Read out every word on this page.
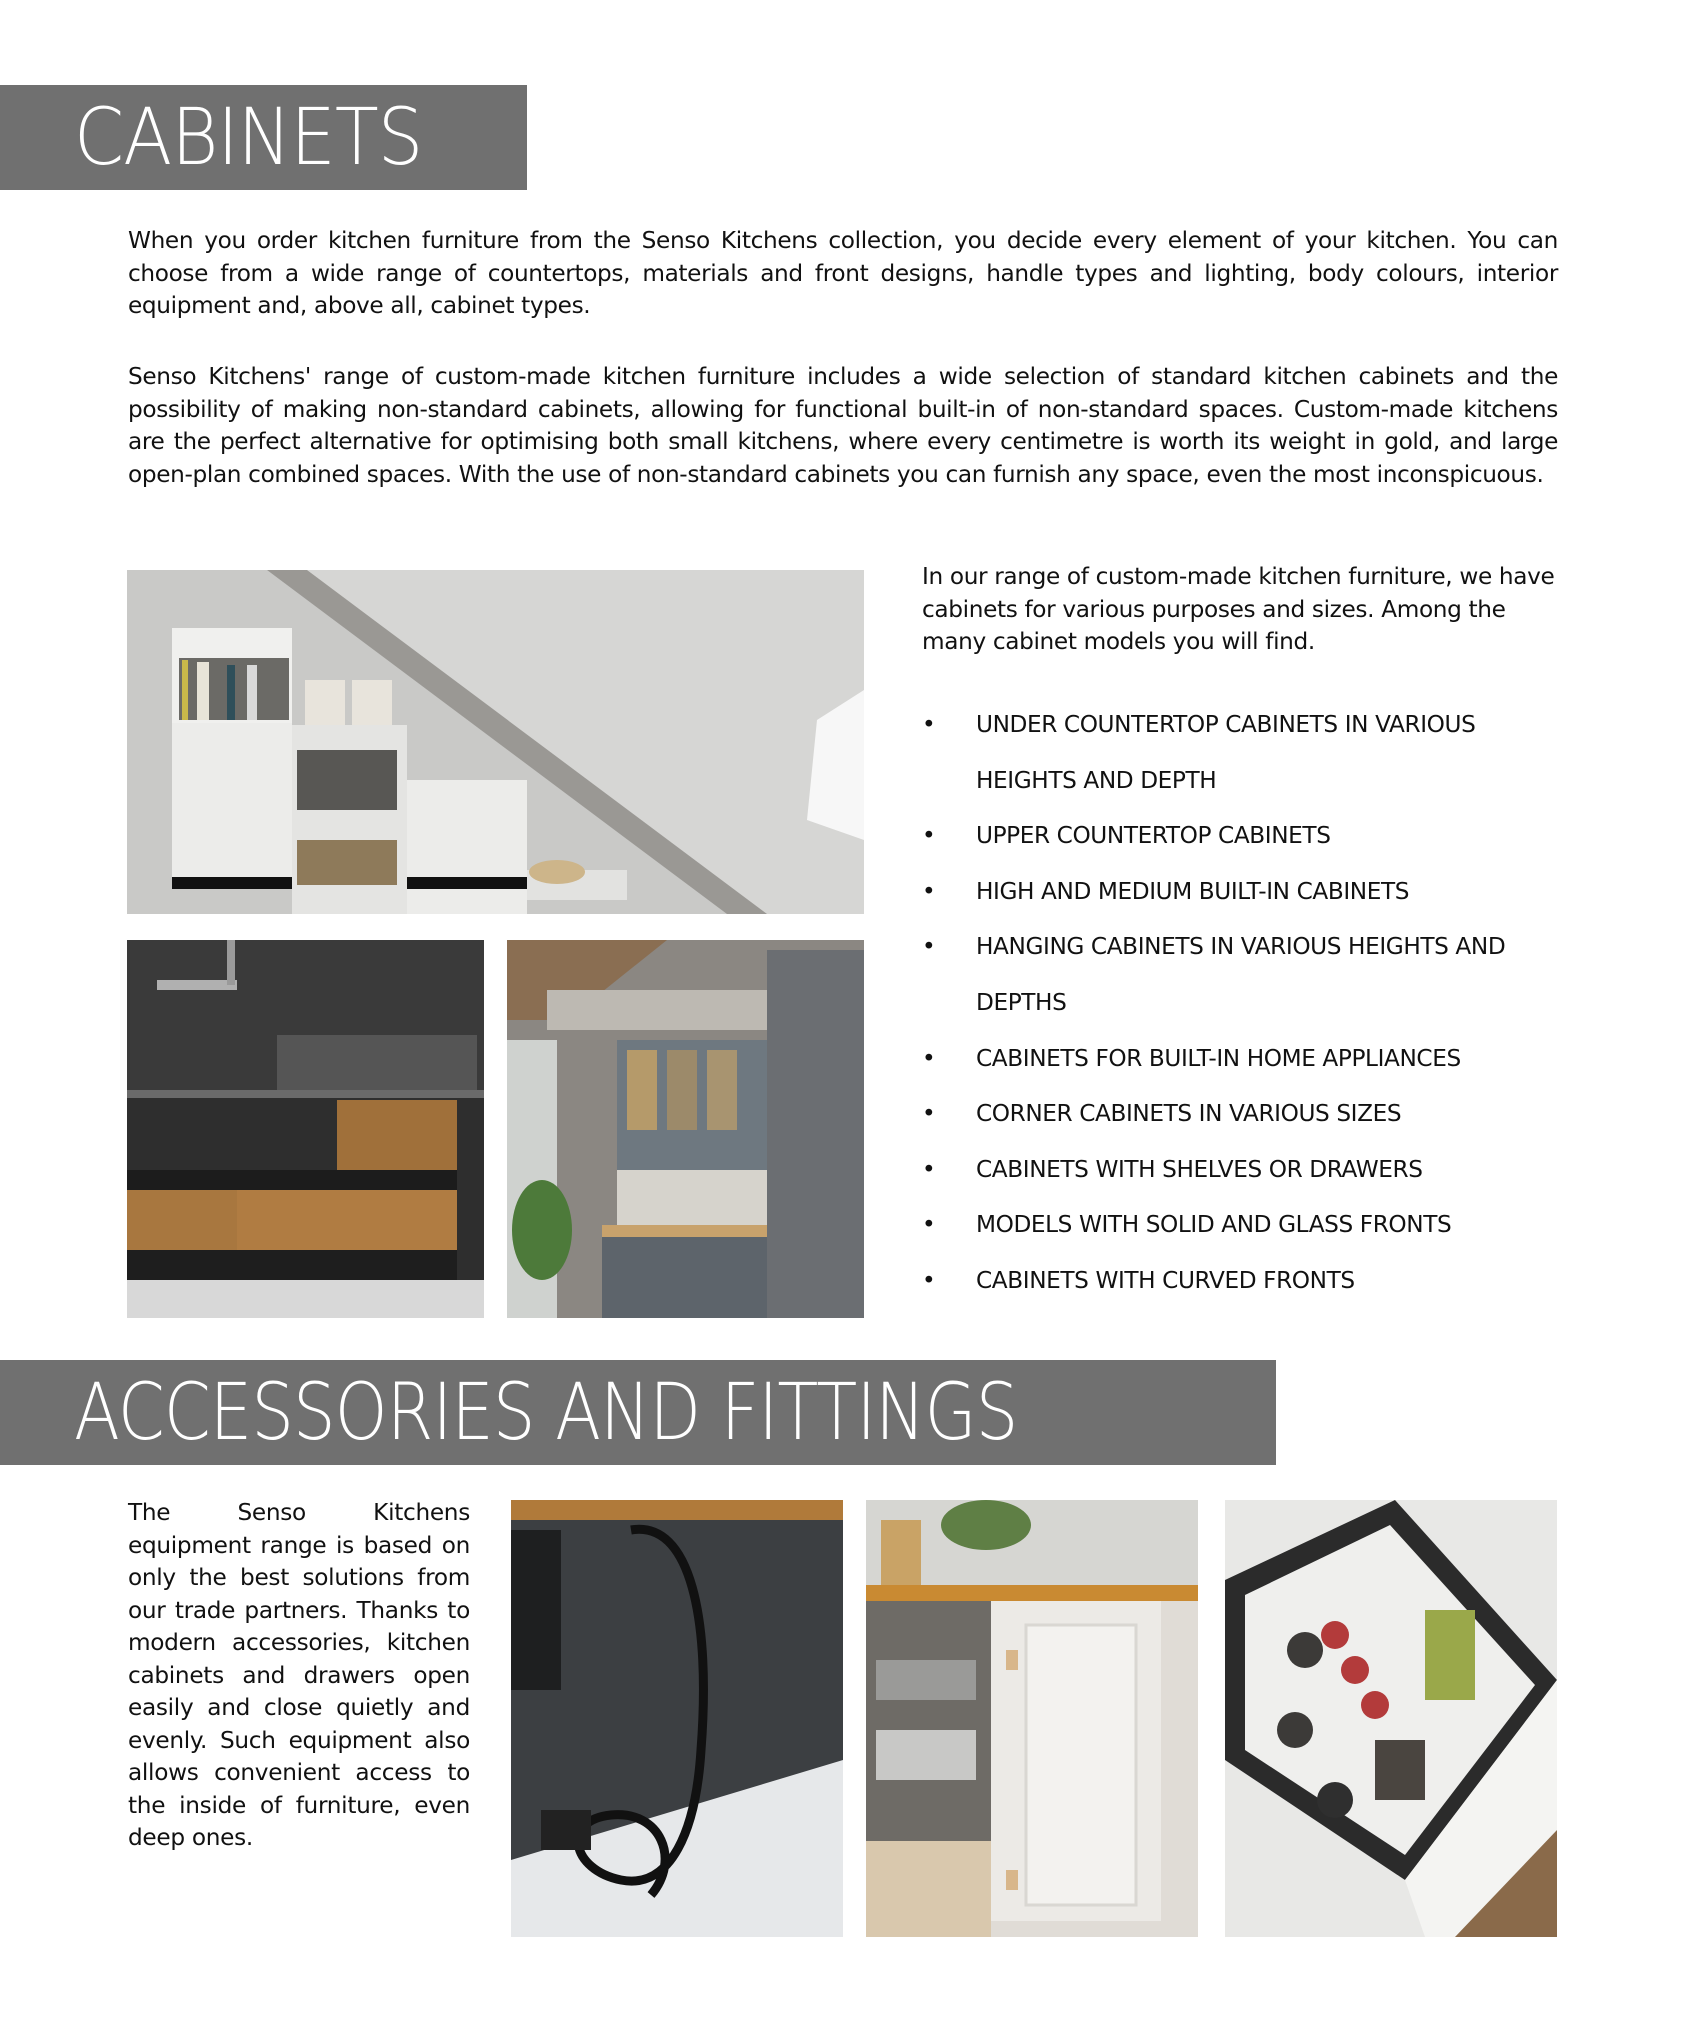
CABINETS

When you order kitchen furniture from the Senso Kitchens collection, you decide every element of your kitchen. You can choose from a wide range of countertops, materials and front designs, handle types and lighting, body colours, interior equipment and, above all, cabinet types.

Senso Kitchens' range of custom-made kitchen furniture includes a wide selection of standard kitchen cabinets and the possibility of making non-standard cabinets, allowing for functional built-in of non-standard spaces. Custom-made kitchens are the perfect alternative for optimising both small kitchens, where every centimetre is worth its weight in gold, and large open-plan combined spaces. With the use of non-standard cabinets you can furnish any space, even the most inconspicuous.

In our range of custom-made kitchen furniture, we have cabinets for various purposes and sizes. Among the many cabinet models you will find.

• UNDER COUNTERTOP CABINETS IN VARIOUS HEIGHTS AND DEPTH
• UPPER COUNTERTOP CABINETS
• HIGH AND MEDIUM BUILT-IN CABINETS
• HANGING CABINETS IN VARIOUS HEIGHTS AND DEPTHS
• CABINETS FOR BUILT-IN HOME APPLIANCES
• CORNER CABINETS IN VARIOUS SIZES
• CABINETS WITH SHELVES OR DRAWERS
• MODELS WITH SOLID AND GLASS FRONTS
• CABINETS WITH CURVED FRONTS
ACCESSORIES AND FITTINGS

The Senso Kitchens equipment range is based on only the best solutions from our trade partners. Thanks to modern accessories, kitchen cabinets and drawers open easily and close quietly and evenly. Such equipment also allows convenient access to the inside of furniture, even deep ones.
